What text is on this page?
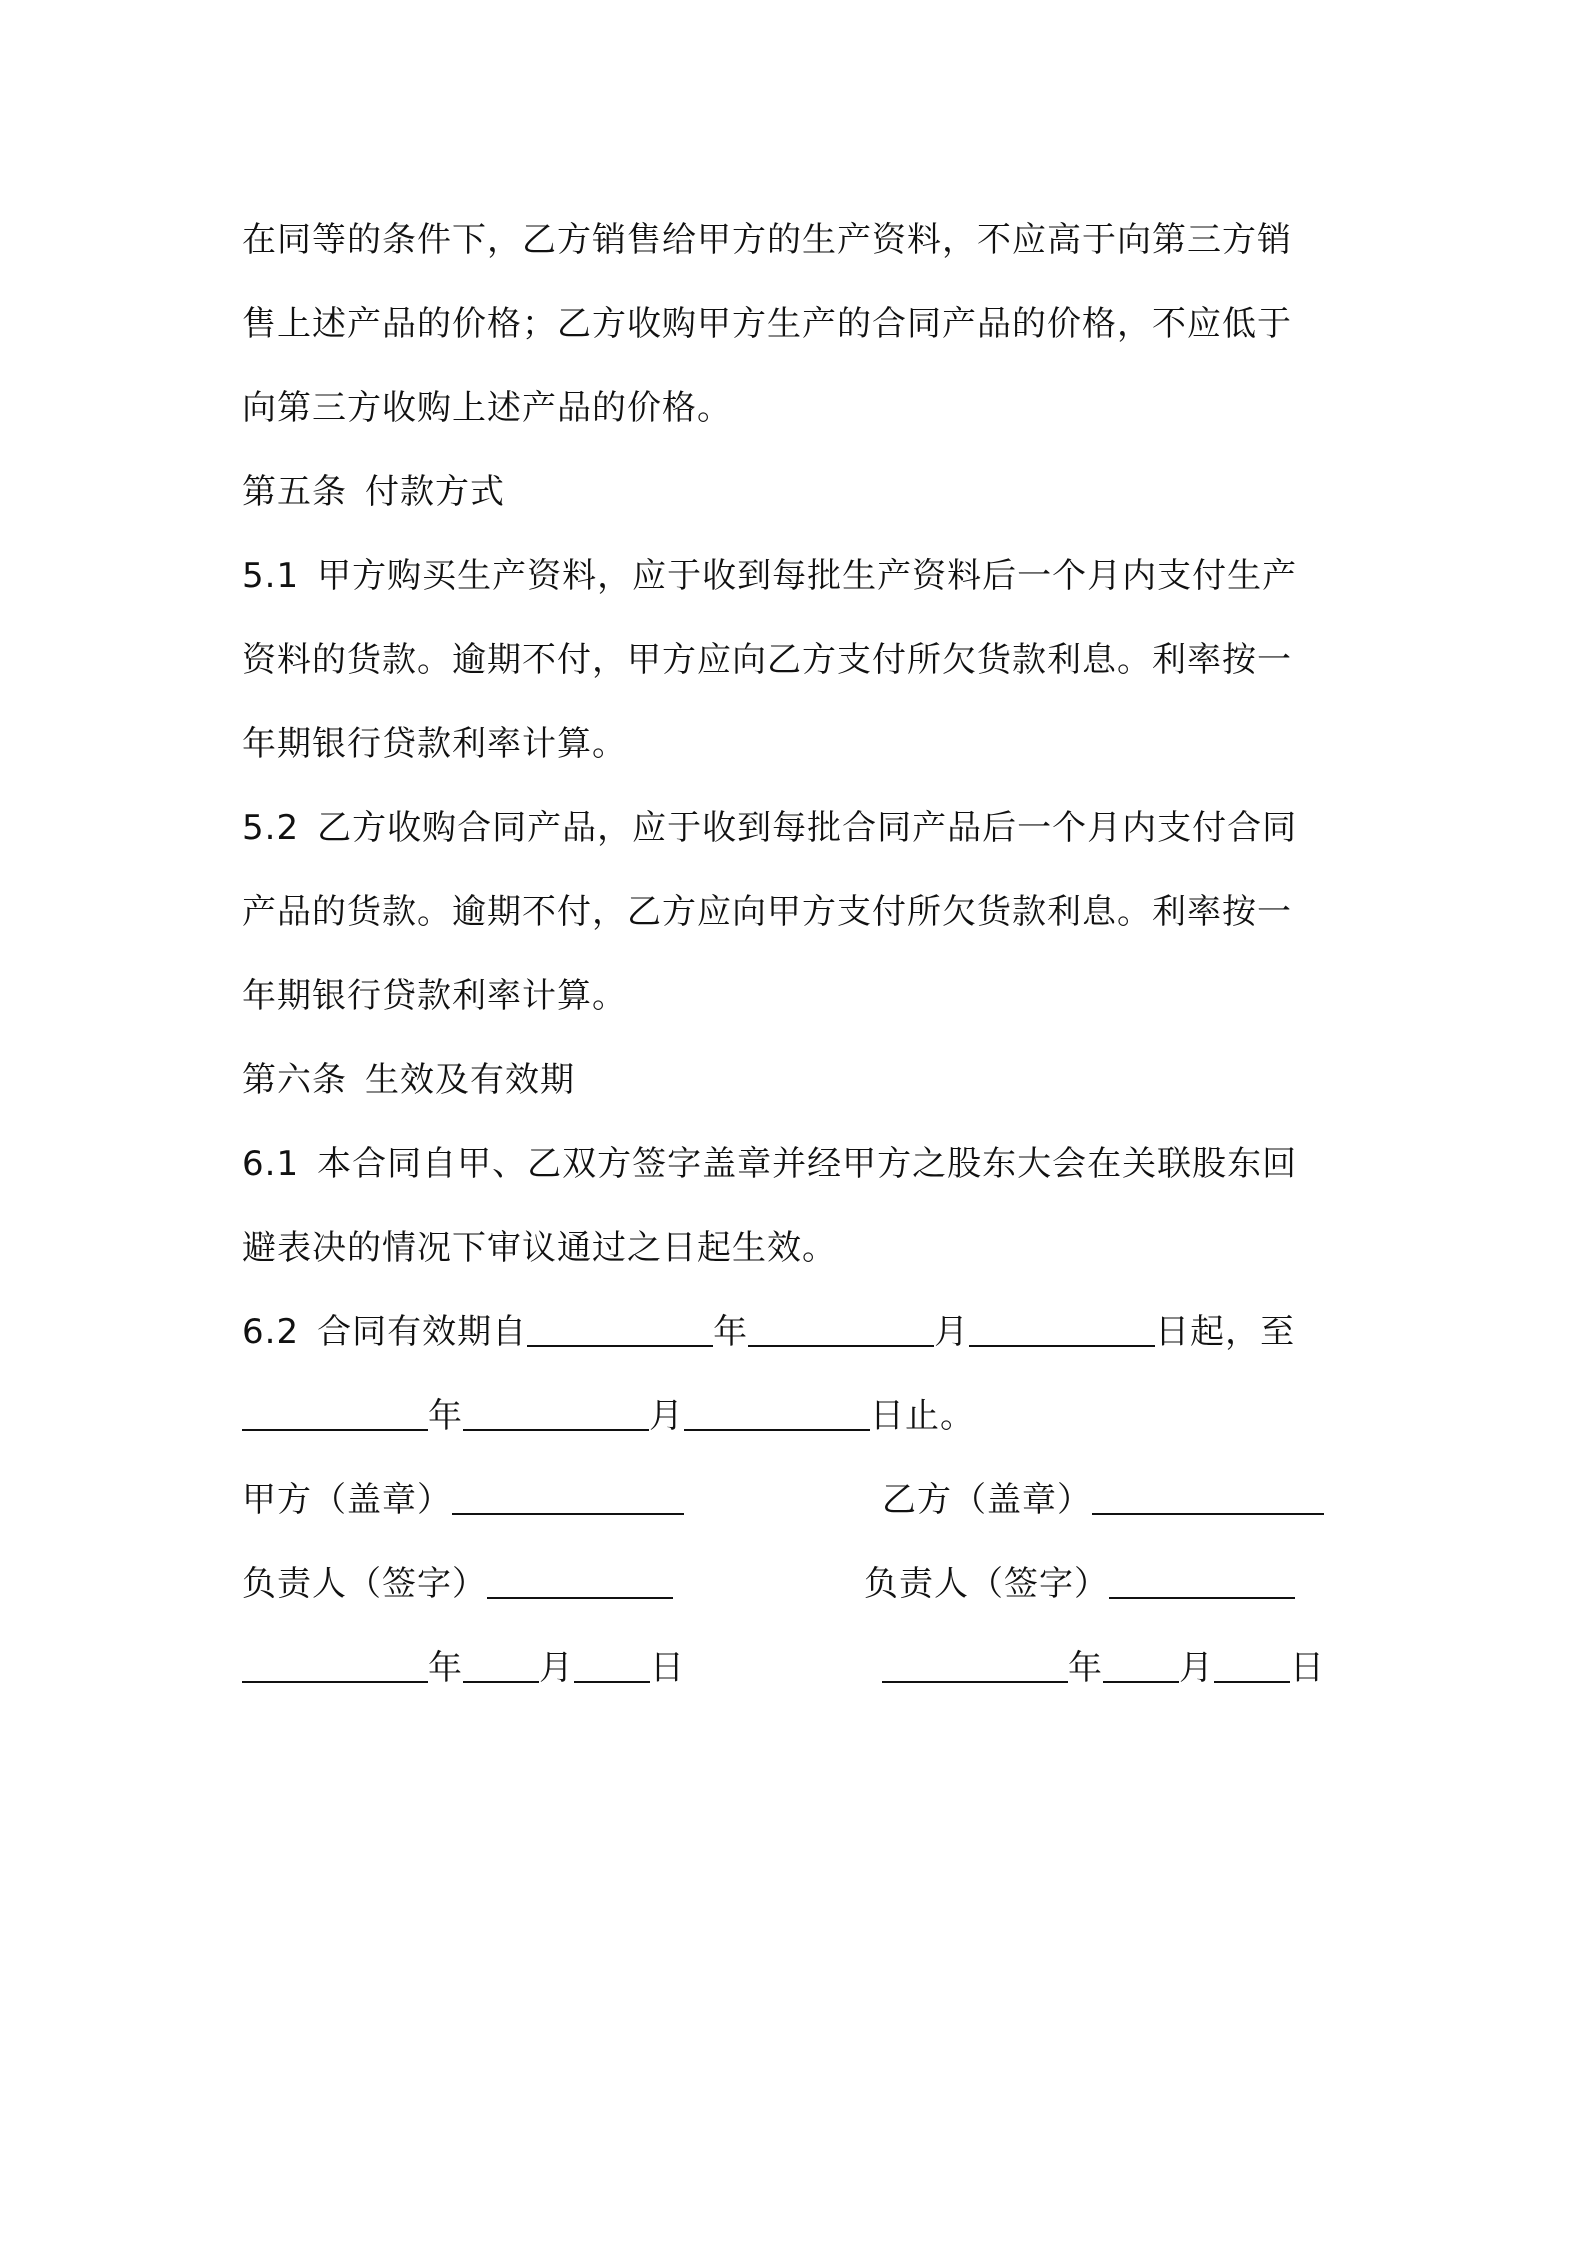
在同等的条件下，乙方销售给甲方的生产资料，不应高于向第三方销
售上述产品的价格；乙方收购甲方生产的合同产品的价格，不应低于
向第三方收购上述产品的价格。
第五条 付款方式
5.1 甲方购买生产资料，应于收到每批生产资料后一个月内支付生产
资料的货款。逾期不付，甲方应向乙方支付所欠货款利息。利率按一
年期银行贷款利率计算。
5.2 乙方收购合同产品，应于收到每批合同产品后一个月内支付合同
产品的货款。逾期不付，乙方应向甲方支付所欠货款利息。利率按一
年期银行贷款利率计算。
第六条 生效及有效期
6.1 本合同自甲、乙双方签字盖章并经甲方之股东大会在关联股东回
避表决的情况下审议通过之日起生效。
6.2 合同有效期自	年	月	日起，至
年	月	日止。
甲方（盖章）	乙方（盖章）
负责人（签字）	负责人（签字）
年 月 日	年 月 日
